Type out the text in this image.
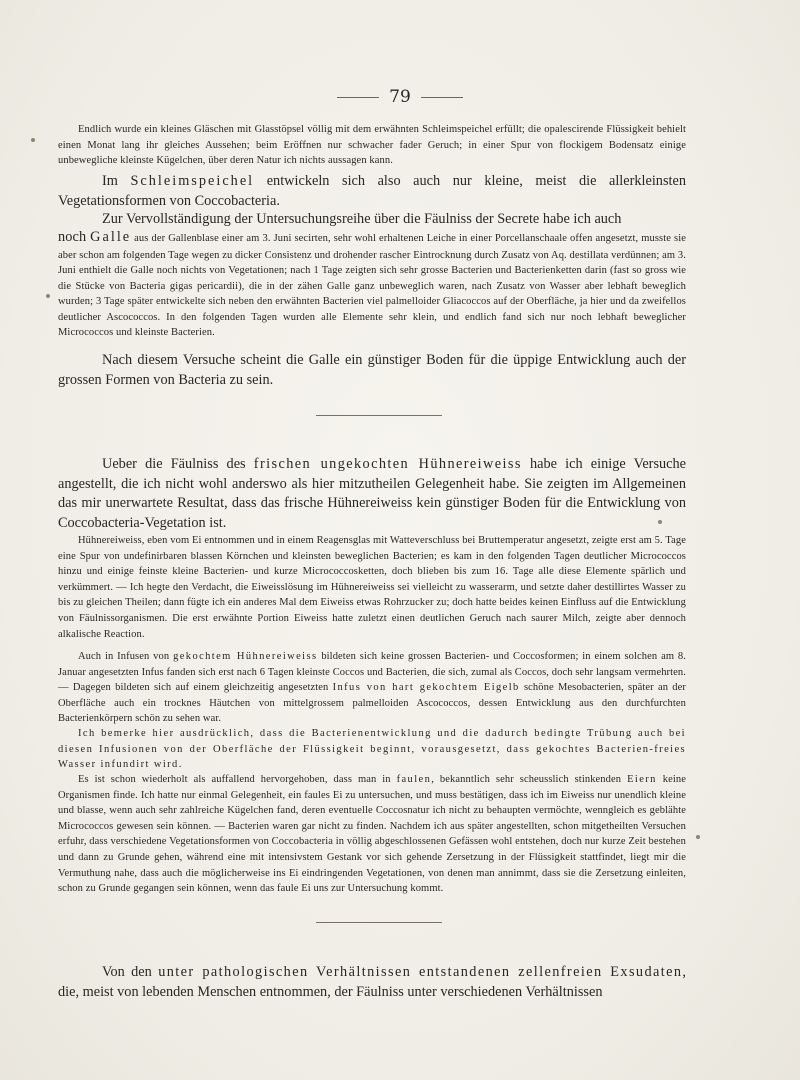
79

Endlich wurde ein kleines Gläschen mit Glasstöpsel völlig mit dem erwähnten Schleimspeichel erfüllt; die opalescirende Flüssigkeit behielt einen Monat lang ihr gleiches Aussehen; beim Eröffnen nur schwacher fader Geruch; in einer Spur von flockigem Bodensatz einige unbewegliche kleinste Kügelchen, über deren Natur ich nichts aussagen kann.

Im Schleimspeichel entwickeln sich also auch nur kleine, meist die allerkleinsten Vegetationsformen von Coccobacteria.

Zur Vervollständigung der Untersuchungsreihe über die Fäulniss der Secrete habe ich auch

noch Galle aus der Gallenblase einer am 3. Juni secirten, sehr wohl erhaltenen Leiche in einer Porcellanschaale offen angesetzt, musste sie aber schon am folgenden Tage wegen zu dicker Consistenz und drohender rascher Eintrocknung durch Zusatz von Aq. destillata verdünnen; am 3. Juni enthielt die Galle noch nichts von Vegetationen; nach 1 Tage zeigten sich sehr grosse Bacterien und Bacterienketten darin (fast so gross wie die Stücke von Bacteria gigas pericardii), die in der zähen Galle ganz unbeweglich waren, nach Zusatz von Wasser aber lebhaft beweglich wurden; 3 Tage später entwickelte sich neben den erwähnten Bacterien viel palmelloider Gliacoccos auf der Oberfläche, ja hier und da zweifellos deutlicher Ascococcos. In den folgenden Tagen wurden alle Elemente sehr klein, und endlich fand sich nur noch lebhaft beweglicher Micrococcos und kleinste Bacterien.

Nach diesem Versuche scheint die Galle ein günstiger Boden für die üppige Entwicklung auch der grossen Formen von Bacteria zu sein.

Ueber die Fäulniss des frischen ungekochten Hühnereiweiss habe ich einige Versuche angestellt, die ich nicht wohl anderswo als hier mitzutheilen Gelegenheit habe. Sie zeigten im Allgemeinen das mir unerwartete Resultat, dass das frische Hühnereiweiss kein günstiger Boden für die Entwicklung von Coccobacteria-Vegetation ist.

Hühnereiweiss, eben vom Ei entnommen und in einem Reagensglas mit Watteverschluss bei Bruttemperatur angesetzt, zeigte erst am 5. Tage eine Spur von undefinirbaren blassen Körnchen und kleinsten beweglichen Bacterien; es kam in den folgenden Tagen deutlicher Micrococcos hinzu und einige feinste kleine Bacterien- und kurze Micrococcosketten, doch blieben bis zum 16. Tage alle diese Elemente spärlich und verkümmert. — Ich hegte den Verdacht, die Eiweisslösung im Hühnereiweiss sei vielleicht zu wasserarm, und setzte daher destillirtes Wasser zu bis zu gleichen Theilen; dann fügte ich ein anderes Mal dem Eiweiss etwas Rohrzucker zu; doch hatte beides keinen Einfluss auf die Entwicklung von Fäulnissorganismen. Die erst erwähnte Portion Eiweiss hatte zuletzt einen deutlichen Geruch nach saurer Milch, zeigte aber dennoch alkalische Reaction.

Auch in Infusen von gekochtem Hühnereiweiss bildeten sich keine grossen Bacterien- und Coccosformen; in einem solchen am 8. Januar angesetzten Infus fanden sich erst nach 6 Tagen kleinste Coccos und Bacterien, die sich, zumal als Coccos, doch sehr langsam vermehrten. — Dagegen bildeten sich auf einem gleichzeitig angesetzten Infus von hart gekochtem Eigelb schöne Mesobacterien, später an der Oberfläche auch ein trocknes Häutchen von mittelgrossem palmelloiden Ascococcos, dessen Entwicklung aus den durchfurchten Bacterienkörpern schön zu sehen war.

Ich bemerke hier ausdrücklich, dass die Bacterienentwicklung und die dadurch bedingte Trübung auch bei diesen Infusionen von der Oberfläche der Flüssigkeit beginnt, vorausgesetzt, dass gekochtes Bacterien-freies Wasser infundirt wird.

Es ist schon wiederholt als auffallend hervorgehoben, dass man in faulen, bekanntlich sehr scheusslich stinkenden Eiern keine Organismen finde. Ich hatte nur einmal Gelegenheit, ein faules Ei zu untersuchen, und muss bestätigen, dass ich im Eiweiss nur unendlich kleine und blasse, wenn auch sehr zahlreiche Kügelchen fand, deren eventuelle Coccosnatur ich nicht zu behaupten vermöchte, wenngleich es geblähte Micrococcos gewesen sein können. — Bacterien waren gar nicht zu finden. Nachdem ich aus später angestellten, schon mitgetheilten Versuchen erfuhr, dass verschiedene Vegetationsformen von Coccobacteria in völlig abgeschlossenen Gefässen wohl entstehen, doch nur kurze Zeit bestehen und dann zu Grunde gehen, während eine mit intensivstem Gestank vor sich gehende Zersetzung in der Flüssigkeit stattfindet, liegt mir die Vermuthung nahe, dass auch die möglicherweise ins Ei eindringenden Vegetationen, von denen man annimmt, dass sie die Zersetzung einleiten, schon zu Grunde gegangen sein können, wenn das faule Ei uns zur Untersuchung kommt.

Von den unter pathologischen Verhältnissen entstandenen zellenfreien Exsudaten, die, meist von lebenden Menschen entnommen, der Fäulniss unter verschiedenen Verhältnissen
